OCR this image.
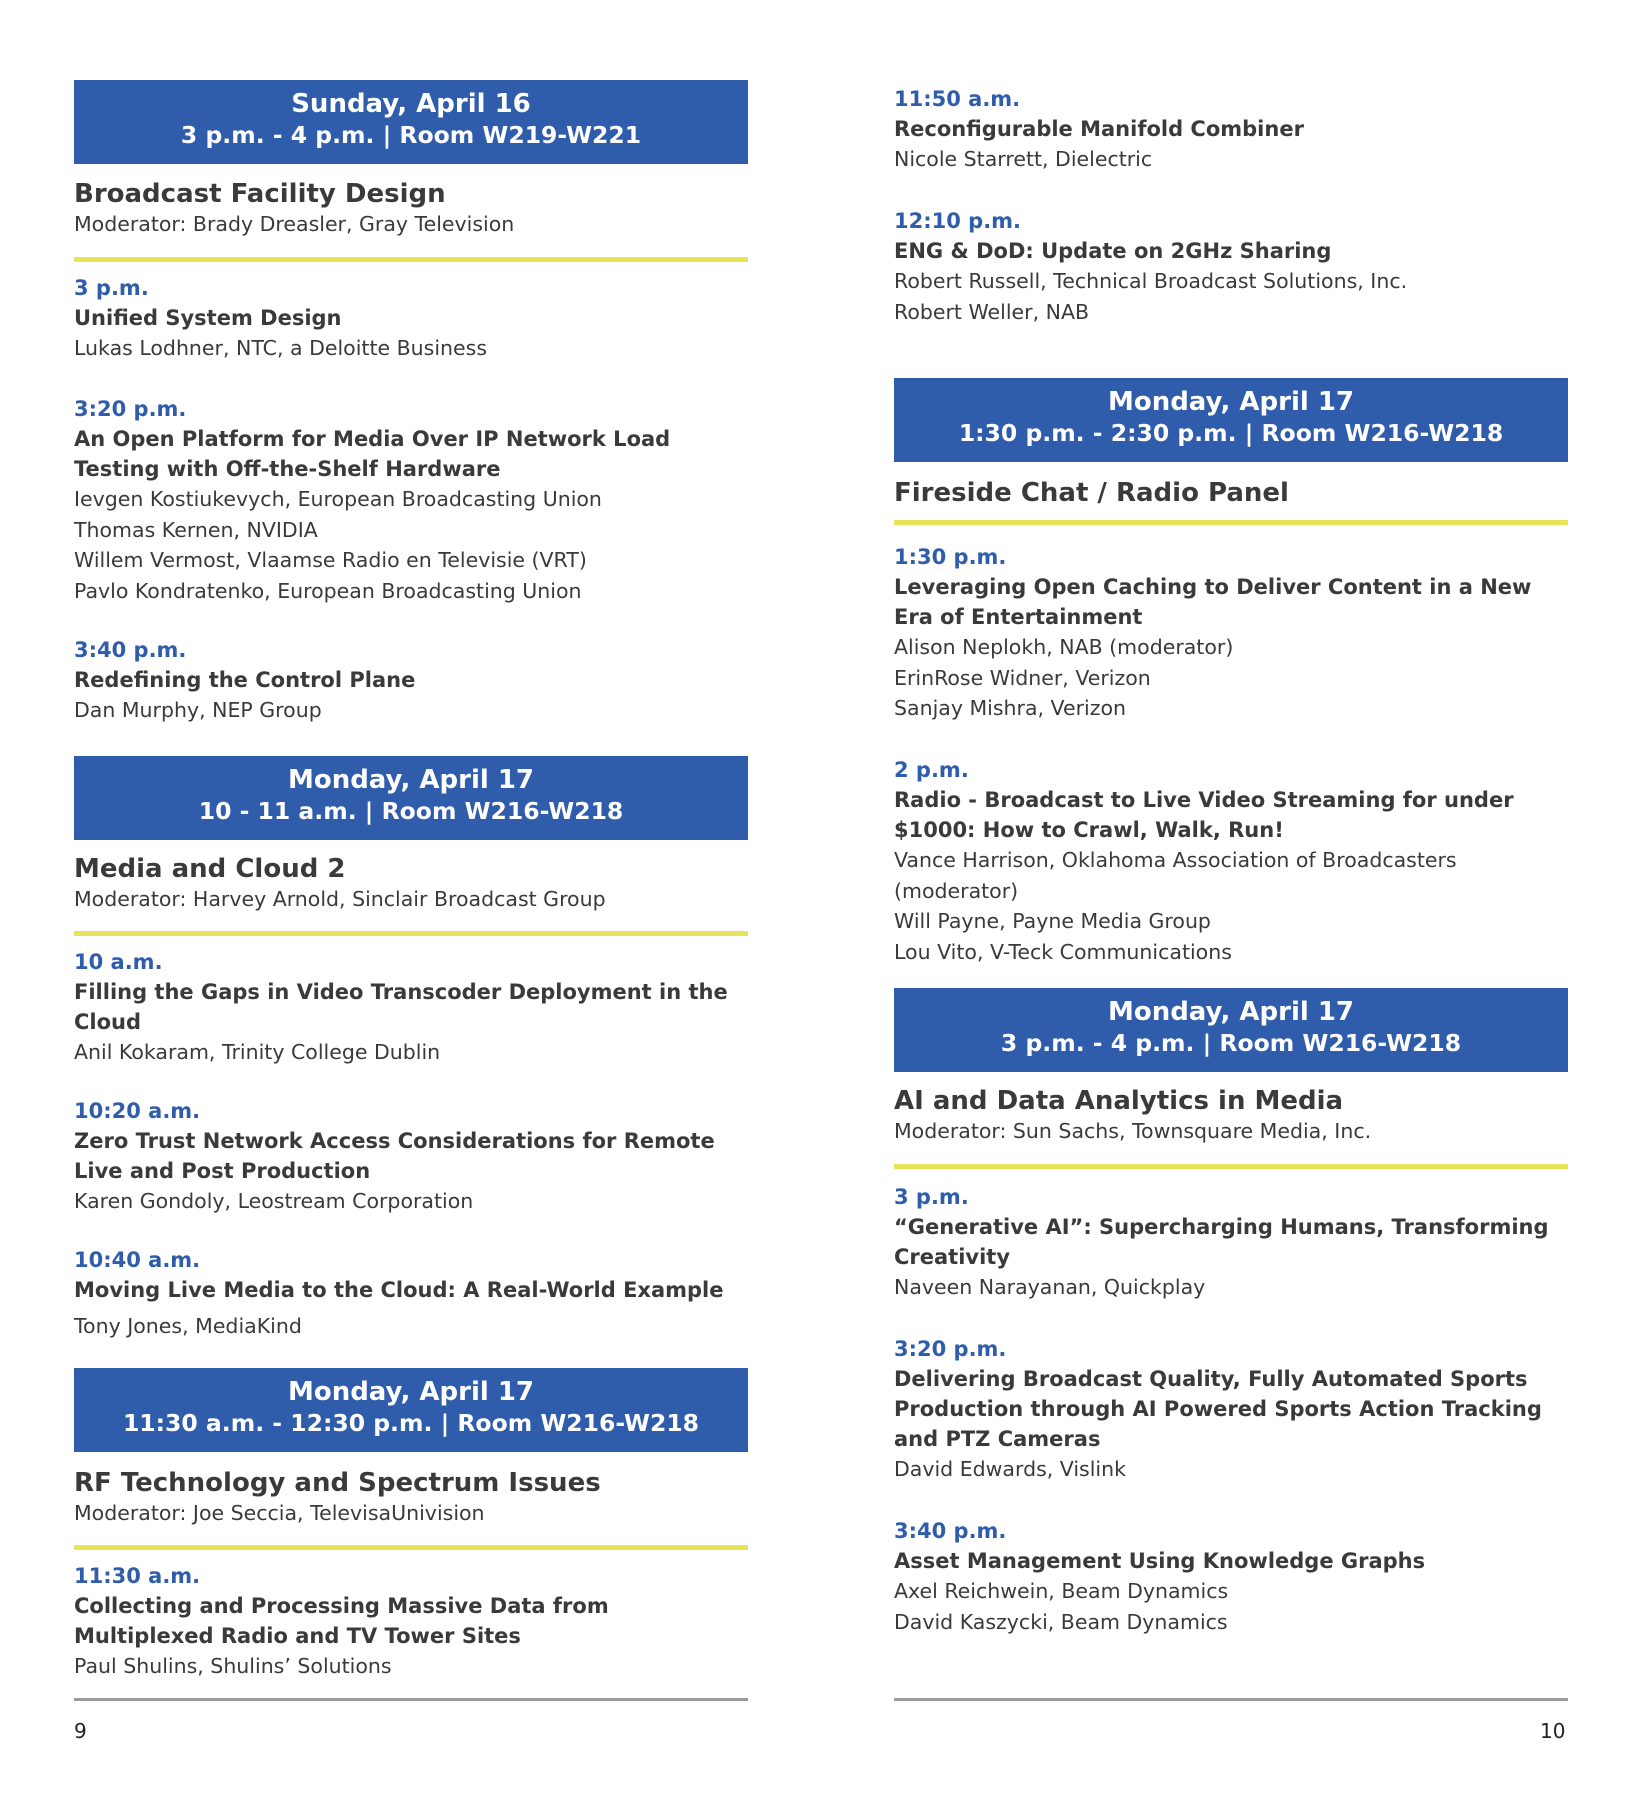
Sunday, April 16
3 p.m. - 4 p.m. | Room W219-W221
Broadcast Facility Design
Moderator: Brady Dreasler, Gray Television
3 p.m.
Unified System Design
Lukas Lodhner, NTC, a Deloitte Business
3:20 p.m.
An Open Platform for Media Over IP Network Load
Testing with Off-the-Shelf Hardware
Ievgen Kostiukevych, European Broadcasting Union
Thomas Kernen, NVIDIA
Willem Vermost, Vlaamse Radio en Televisie (VRT)
Pavlo Kondratenko, European Broadcasting Union
3:40 p.m.
Redefining the Control Plane
Dan Murphy, NEP Group
Monday, April 17
10 - 11 a.m. | Room W216-W218
Media and Cloud 2
Moderator: Harvey Arnold, Sinclair Broadcast Group
10 a.m.
Filling the Gaps in Video Transcoder Deployment in the
Cloud
Anil Kokaram, Trinity College Dublin
10:20 a.m.
Zero Trust Network Access Considerations for Remote
Live and Post Production
Karen Gondoly, Leostream Corporation
10:40 a.m.
Moving Live Media to the Cloud: A Real-World Example
Tony Jones, MediaKind
Monday, April 17
11:30 a.m. - 12:30 p.m. | Room W216-W218
RF Technology and Spectrum Issues
Moderator: Joe Seccia, TelevisaUnivision
11:30 a.m.
Collecting and Processing Massive Data from
Multiplexed Radio and TV Tower Sites
Paul Shulins, Shulins’ Solutions
11:50 a.m.
Reconfigurable Manifold Combiner
Nicole Starrett, Dielectric
12:10 p.m.
ENG & DoD: Update on 2GHz Sharing
Robert Russell, Technical Broadcast Solutions, Inc.
Robert Weller, NAB
Monday, April 17
1:30 p.m. - 2:30 p.m. | Room W216-W218
Fireside Chat / Radio Panel
1:30 p.m.
Leveraging Open Caching to Deliver Content in a New
Era of Entertainment
Alison Neplokh, NAB (moderator)
ErinRose Widner, Verizon
Sanjay Mishra, Verizon
2 p.m.
Radio - Broadcast to Live Video Streaming for under
$1000: How to Crawl, Walk, Run!
Vance Harrison, Oklahoma Association of Broadcasters
(moderator)
Will Payne, Payne Media Group
Lou Vito, V-Teck Communications
Monday, April 17
3 p.m. - 4 p.m. | Room W216-W218
AI and Data Analytics in Media
Moderator: Sun Sachs, Townsquare Media, Inc.
3 p.m.
“Generative AI”: Supercharging Humans, Transforming
Creativity
Naveen Narayanan, Quickplay
3:20 p.m.
Delivering Broadcast Quality, Fully Automated Sports
Production through AI Powered Sports Action Tracking
and PTZ Cameras
David Edwards, Vislink
3:40 p.m.
Asset Management Using Knowledge Graphs
Axel Reichwein, Beam Dynamics
David Kaszycki, Beam Dynamics
9	10
